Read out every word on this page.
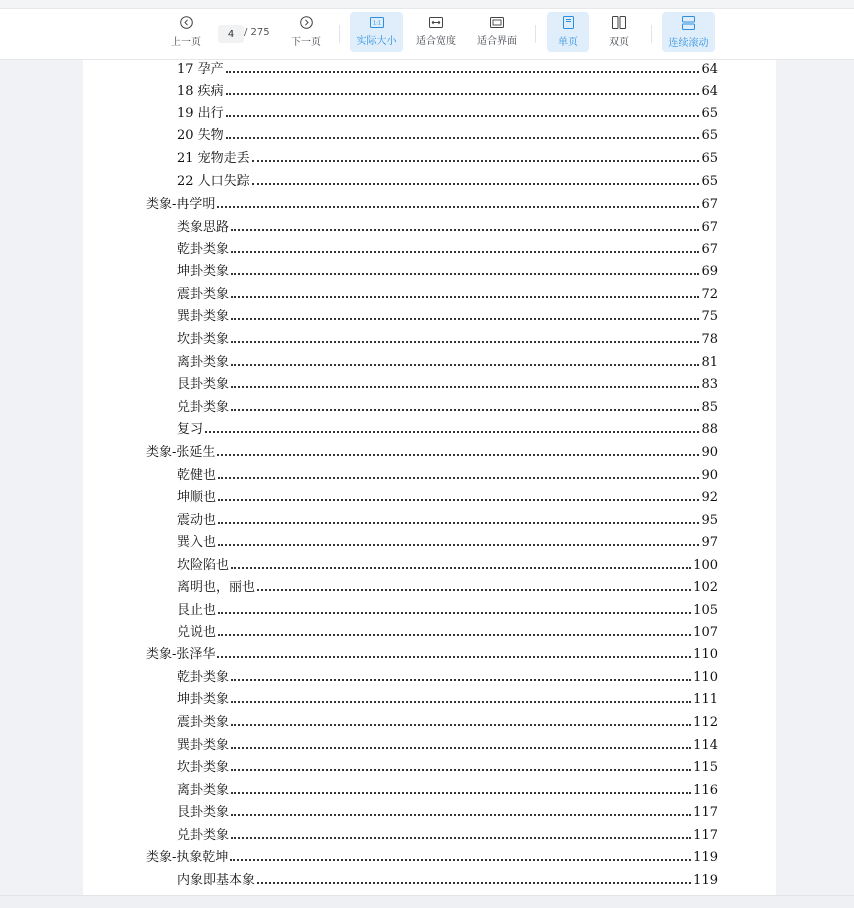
上一页
4
/ 275
下一页
1:1
实际大小 适合宽度 适合界面	单页	双页	连续滚动
17 孕产	64
18 疾病	64
19 出行	65
20 失物	65
21 宠物走丢	65
22 人口失踪	65
类象-冉学明	67
类象思路	67
乾卦类象	67
坤卦类象	69
震卦类象	72
巽卦类象	75
坎卦类象	78
离卦类象	81
艮卦类象	83
兑卦类象	85
复习	88
类象-张延生	90
乾健也	90
坤顺也	92
震动也	95
巽入也	97
坎险陷也	100
离明也，丽也	102
艮止也	105
兑说也	107
类象-张泽华	110
乾卦类象	110
坤卦类象	111
震卦类象	112
巽卦类象	114
坎卦类象	115
离卦类象	116
艮卦类象	117
兑卦类象	117
类象-执象乾坤	119
内象即基本象	119
